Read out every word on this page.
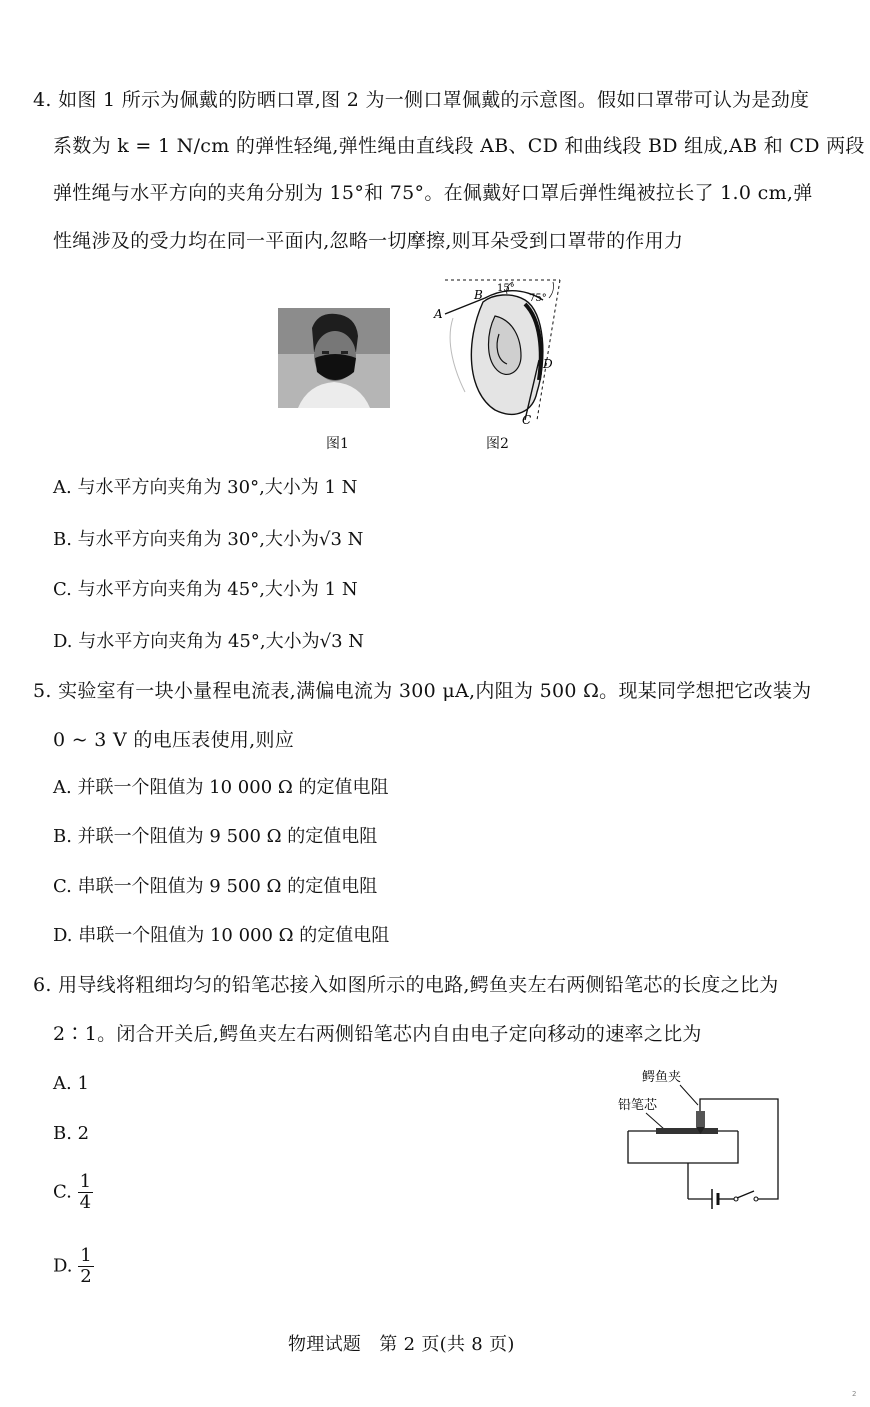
4. 如图 1 所示为佩戴的防晒口罩,图 2 为一侧口罩佩戴的示意图。假如口罩带可认为是劲度
系数为 k = 1 N/cm 的弹性轻绳,弹性绳由直线段 AB、CD 和曲线段 BD 组成,AB 和 CD 两段
弹性绳与水平方向的夹角分别为 15°和 75°。在佩戴好口罩后弹性绳被拉长了 1.0 cm,弹
性绳涉及的受力均在同一平面内,忽略一切摩擦,则耳朵受到口罩带的作用力
图1
A
B
C
D
15°
75°
图2
A. 与水平方向夹角为 30°,大小为 1 N
B. 与水平方向夹角为 30°,大小为√3 N
C. 与水平方向夹角为 45°,大小为 1 N
D. 与水平方向夹角为 45°,大小为√3 N
5. 实验室有一块小量程电流表,满偏电流为 300 μA,内阻为 500 Ω。现某同学想把它改装为
0 ~ 3 V 的电压表使用,则应
A. 并联一个阻值为 10 000 Ω 的定值电阻
B. 并联一个阻值为 9 500 Ω 的定值电阻
C. 串联一个阻值为 9 500 Ω 的定值电阻
D. 串联一个阻值为 10 000 Ω 的定值电阻
6. 用导线将粗细均匀的铅笔芯接入如图所示的电路,鳄鱼夹左右两侧铅笔芯的长度之比为
2∶1。闭合开关后,鳄鱼夹左右两侧铅笔芯内自由电子定向移动的速率之比为
A. 1
B. 2
C. $\frac{1}{4}$
D. $\frac{1}{2}$
鳄鱼夹
铅笔芯
物理试题   第 2 页(共 8 页)
2
